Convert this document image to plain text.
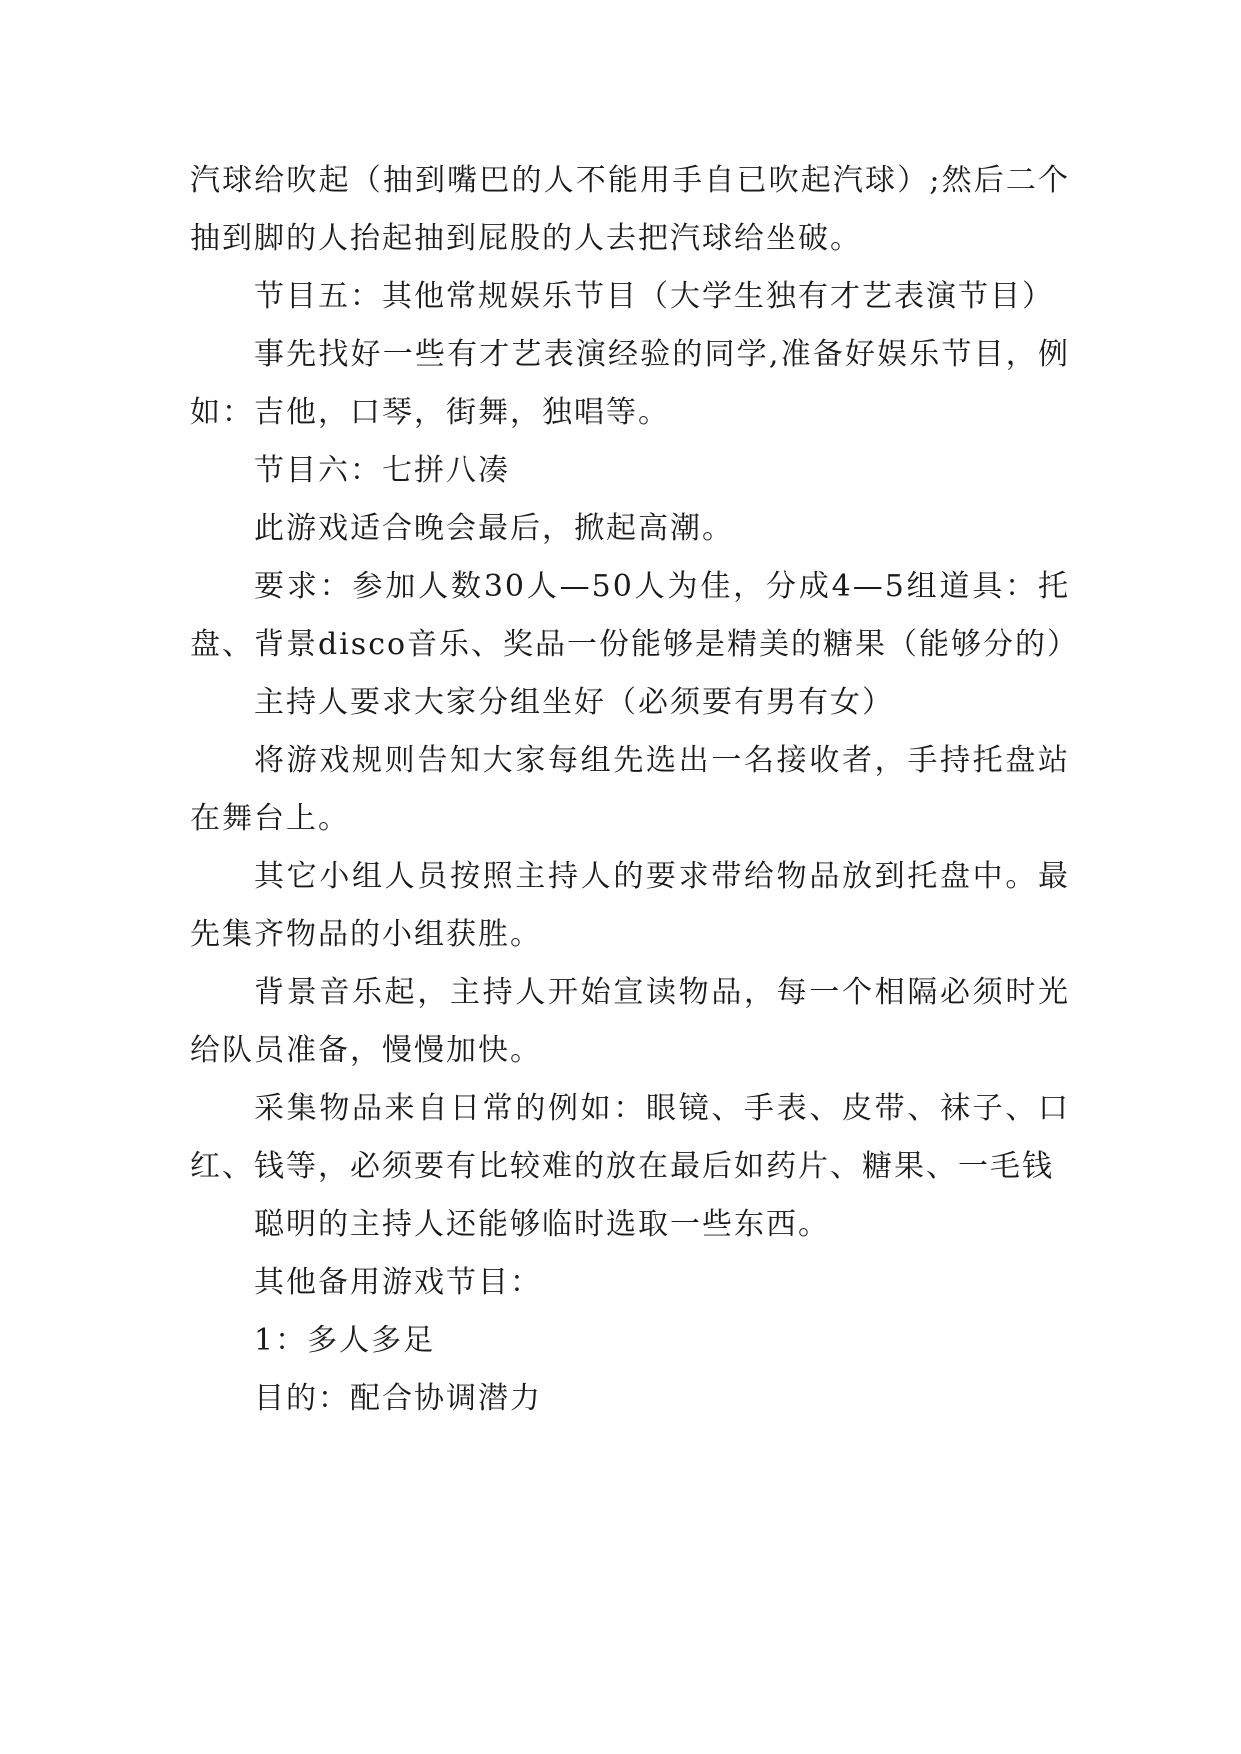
汽球给吹起（抽到嘴巴的人不能用手自已吹起汽球）;然后二个抽到脚的人抬起抽到屁股的人去把汽球给坐破。

节目五：其他常规娱乐节目（大学生独有才艺表演节目）

事先找好一些有才艺表演经验的同学,准备好娱乐节目，例如：吉他，口琴，街舞，独唱等。

节目六：七拼八凑

此游戏适合晚会最后，掀起高潮。

要求：参加人数30人—50人为佳，分成4—5组道具：托盘、背景disco音乐、奖品一份能够是精美的糖果（能够分的）

主持人要求大家分组坐好（必须要有男有女）

将游戏规则告知大家每组先选出一名接收者，手持托盘站在舞台上。

其它小组人员按照主持人的要求带给物品放到托盘中。最先集齐物品的小组获胜。

背景音乐起，主持人开始宣读物品，每一个相隔必须时光给队员准备，慢慢加快。

采集物品来自日常的例如：眼镜、手表、皮带、袜子、口红、钱等，必须要有比较难的放在最后如药片、糖果、一毛钱

聪明的主持人还能够临时选取一些东西。

其他备用游戏节目：

1：多人多足

目的：配合协调潜力
